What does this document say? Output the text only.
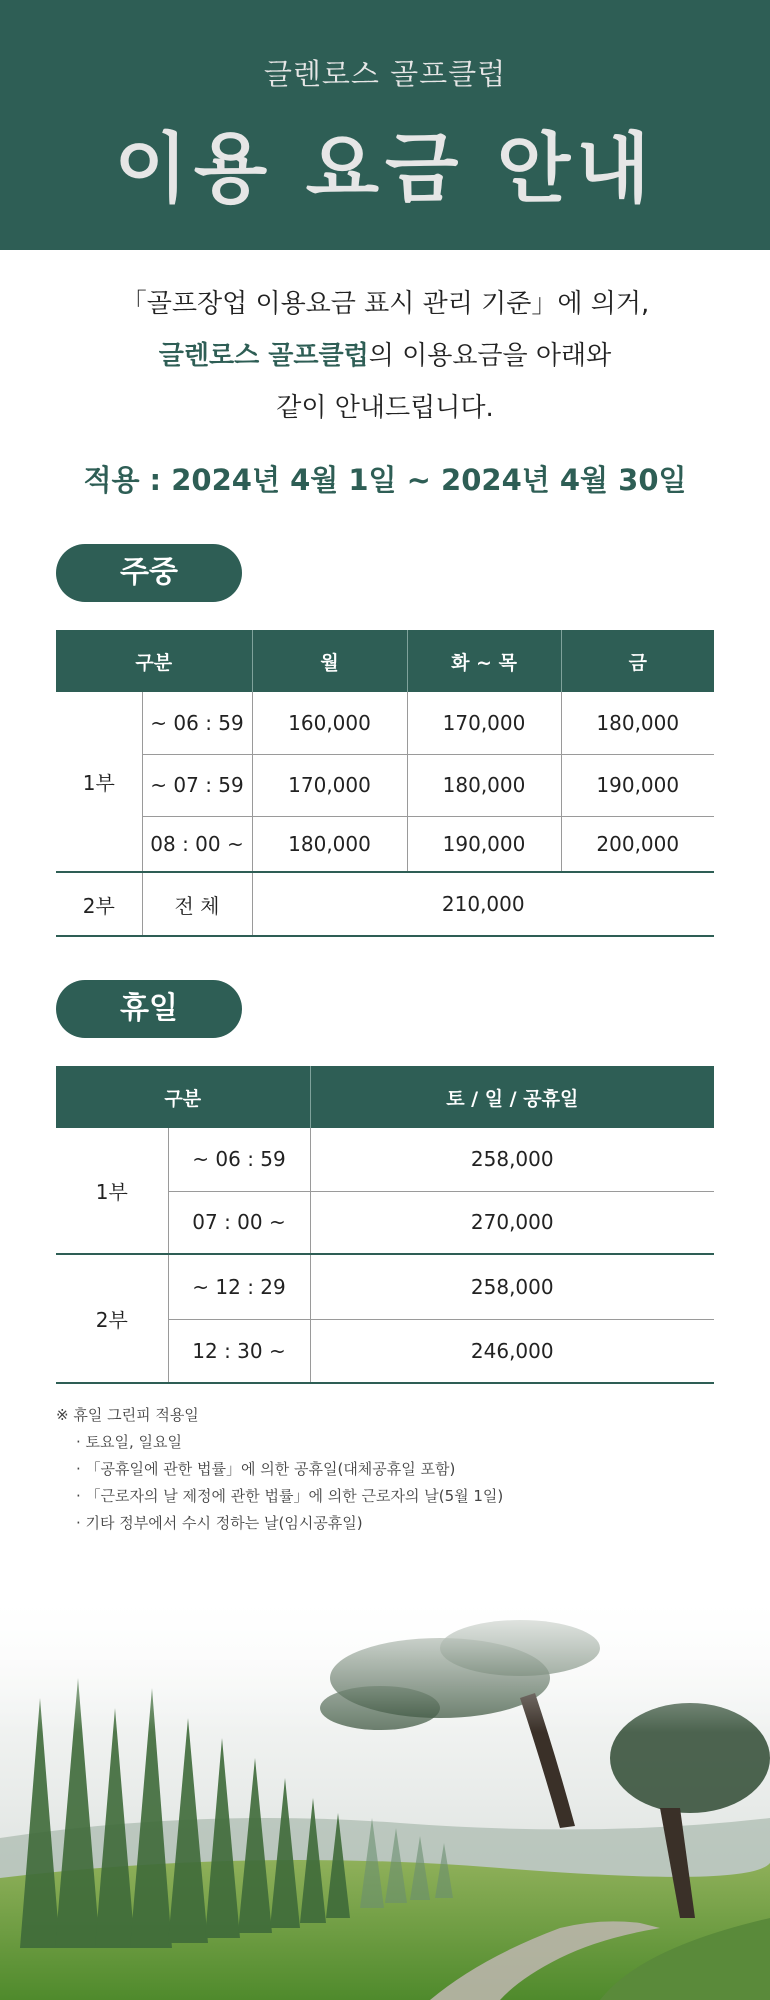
글렌로스 골프클럽
이용 요금 안내
「골프장업 이용요금 표시 관리 기준」에 의거,
글렌로스 골프클럽의 이용요금을 아래와
같이 안내드립니다.
적용 : 2024년 4월 1일 ~ 2024년 4월 30일
주중
구분		월	화 ~ 목	금
1부	~ 06 : 59	160,000	170,000	180,000
	~ 07 : 59	170,000	180,000	190,000
	08 : 00 ~	180,000	190,000	200,000
2부	전 체	210,000		
휴일
구분		토 / 일 / 공휴일
1부	~ 06 : 59	258,000
	07 : 00 ~	270,000
2부	~ 12 : 29	258,000
	12 : 30 ~	246,000
※ 휴일 그린피 적용일
· 토요일, 일요일
· 「공휴일에 관한 법률」에 의한 공휴일(대체공휴일 포함)
· 「근로자의 날 제정에 관한 법률」에 의한 근로자의 날(5월 1일)
· 기타 정부에서 수시 정하는 날(임시공휴일)
